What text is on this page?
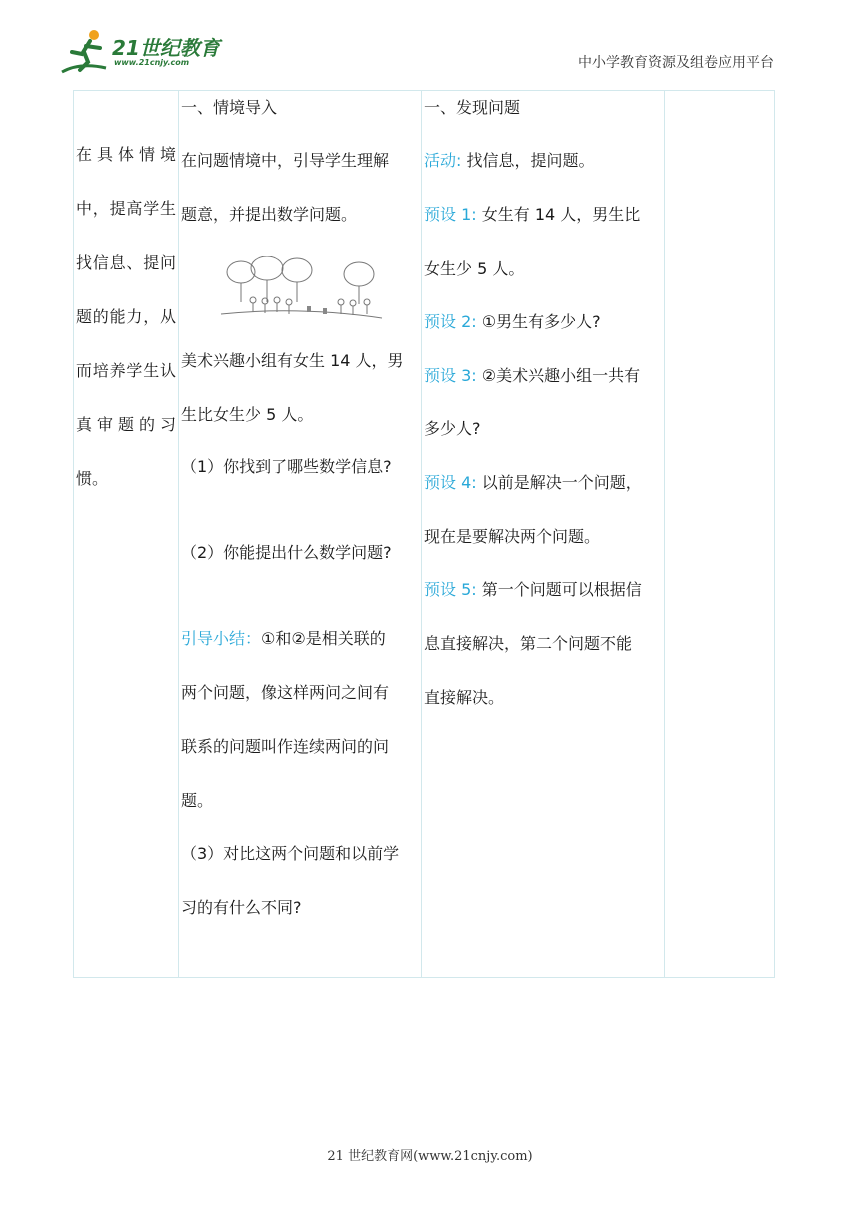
21世纪教育
www.21cnjy.com	中小学教育资源及组卷应用平台
在具体情境中，提高学生找信息、提问题的能力，从而培养学生认真审题的习惯。
一、情境导入
在问题情境中，引导学生理解
题意，并提出数学问题。
美术兴趣小组有女生 14 人，男
生比女生少 5 人。
（1）你找到了哪些数学信息?
（2）你能提出什么数学问题?
引导小结：①和②是相关联的
两个问题，像这样两问之间有
联系的问题叫作连续两问的问
题。
（3）对比这两个问题和以前学
习的有什么不同?
一、发现问题
活动: 找信息，提问题。
预设 1: 女生有 14 人，男生比
女生少 5 人。
预设 2: ①男生有多少人?
预设 3: ②美术兴趣小组一共有
多少人?
预设 4: 以前是解决一个问题，
现在是要解决两个问题。
预设 5: 第一个问题可以根据信
息直接解决，第二个问题不能
直接解决。
21 世纪教育网(www.21cnjy.com)
